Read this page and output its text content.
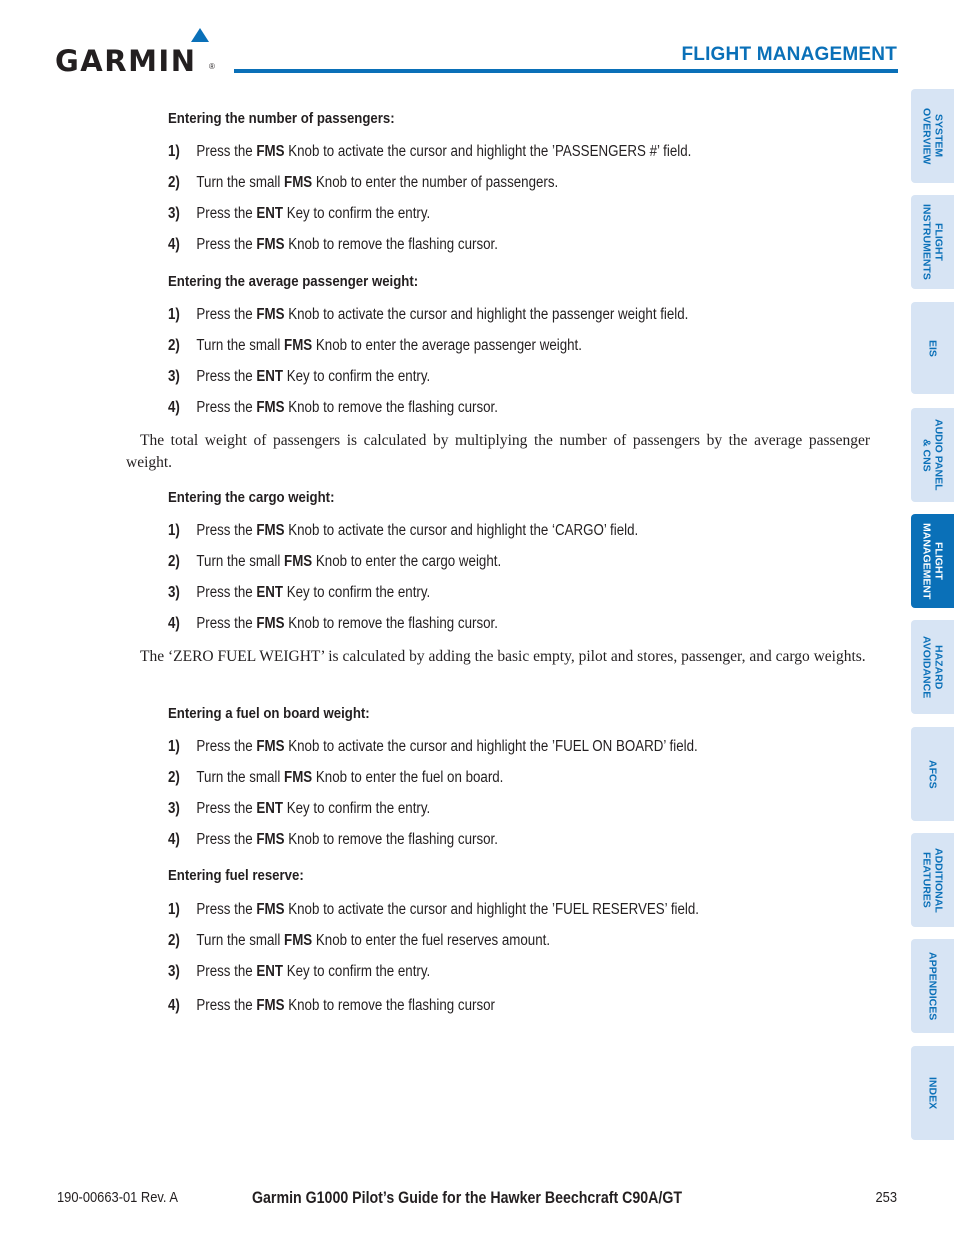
GARMIN ®
FLIGHT MANAGEMENT
Entering the number of passengers:
1) Press the FMS Knob to activate the cursor and highlight the ’PASSENGERS #’ field.
2) Turn the small FMS Knob to enter the number of passengers.
3) Press the ENT Key to confirm the entry.
4) Press the FMS Knob to remove the flashing cursor.
Entering the average passenger weight:
1) Press the FMS Knob to activate the cursor and highlight the passenger weight field.
2) Turn the small FMS Knob to enter the average passenger weight.
3) Press the ENT Key to confirm the entry.
4) Press the FMS Knob to remove the flashing cursor.
The total weight of passengers is calculated by multiplying the number of passengers by the average passenger weight.
Entering the cargo weight:
1) Press the FMS Knob to activate the cursor and highlight the ‘CARGO’ field.
2) Turn the small FMS Knob to enter the cargo weight.
3) Press the ENT Key to confirm the entry.
4) Press the FMS Knob to remove the flashing cursor.
The ‘ZERO FUEL WEIGHT’ is calculated by adding the basic empty, pilot and stores, passenger, and cargo weights.
Entering a fuel on board weight:
1) Press the FMS Knob to activate the cursor and highlight the ’FUEL ON BOARD’ field.
2) Turn the small FMS Knob to enter the fuel on board.
3) Press the ENT Key to confirm the entry.
4) Press the FMS Knob to remove the flashing cursor.
Entering fuel reserve:
1) Press the FMS Knob to activate the cursor and highlight the ’FUEL RESERVES’ field.
2) Turn the small FMS Knob to enter the fuel reserves amount.
3) Press the ENT Key to confirm the entry.
4) Press the FMS Knob to remove the flashing cursor
SYSTEM
OVERVIEW
FLIGHT
INSTRUMENTS
EIS
AUDIO PANEL
& CNS
FLIGHT
MANAGEMENT
HAZARD
AVOIDANCE
AFCS
ADDITIONAL
FEATURES
APPENDICES
INDEX
190-00663-01 Rev. A	Garmin G1000 Pilot’s Guide for the Hawker Beechcraft C90A/GT	253
